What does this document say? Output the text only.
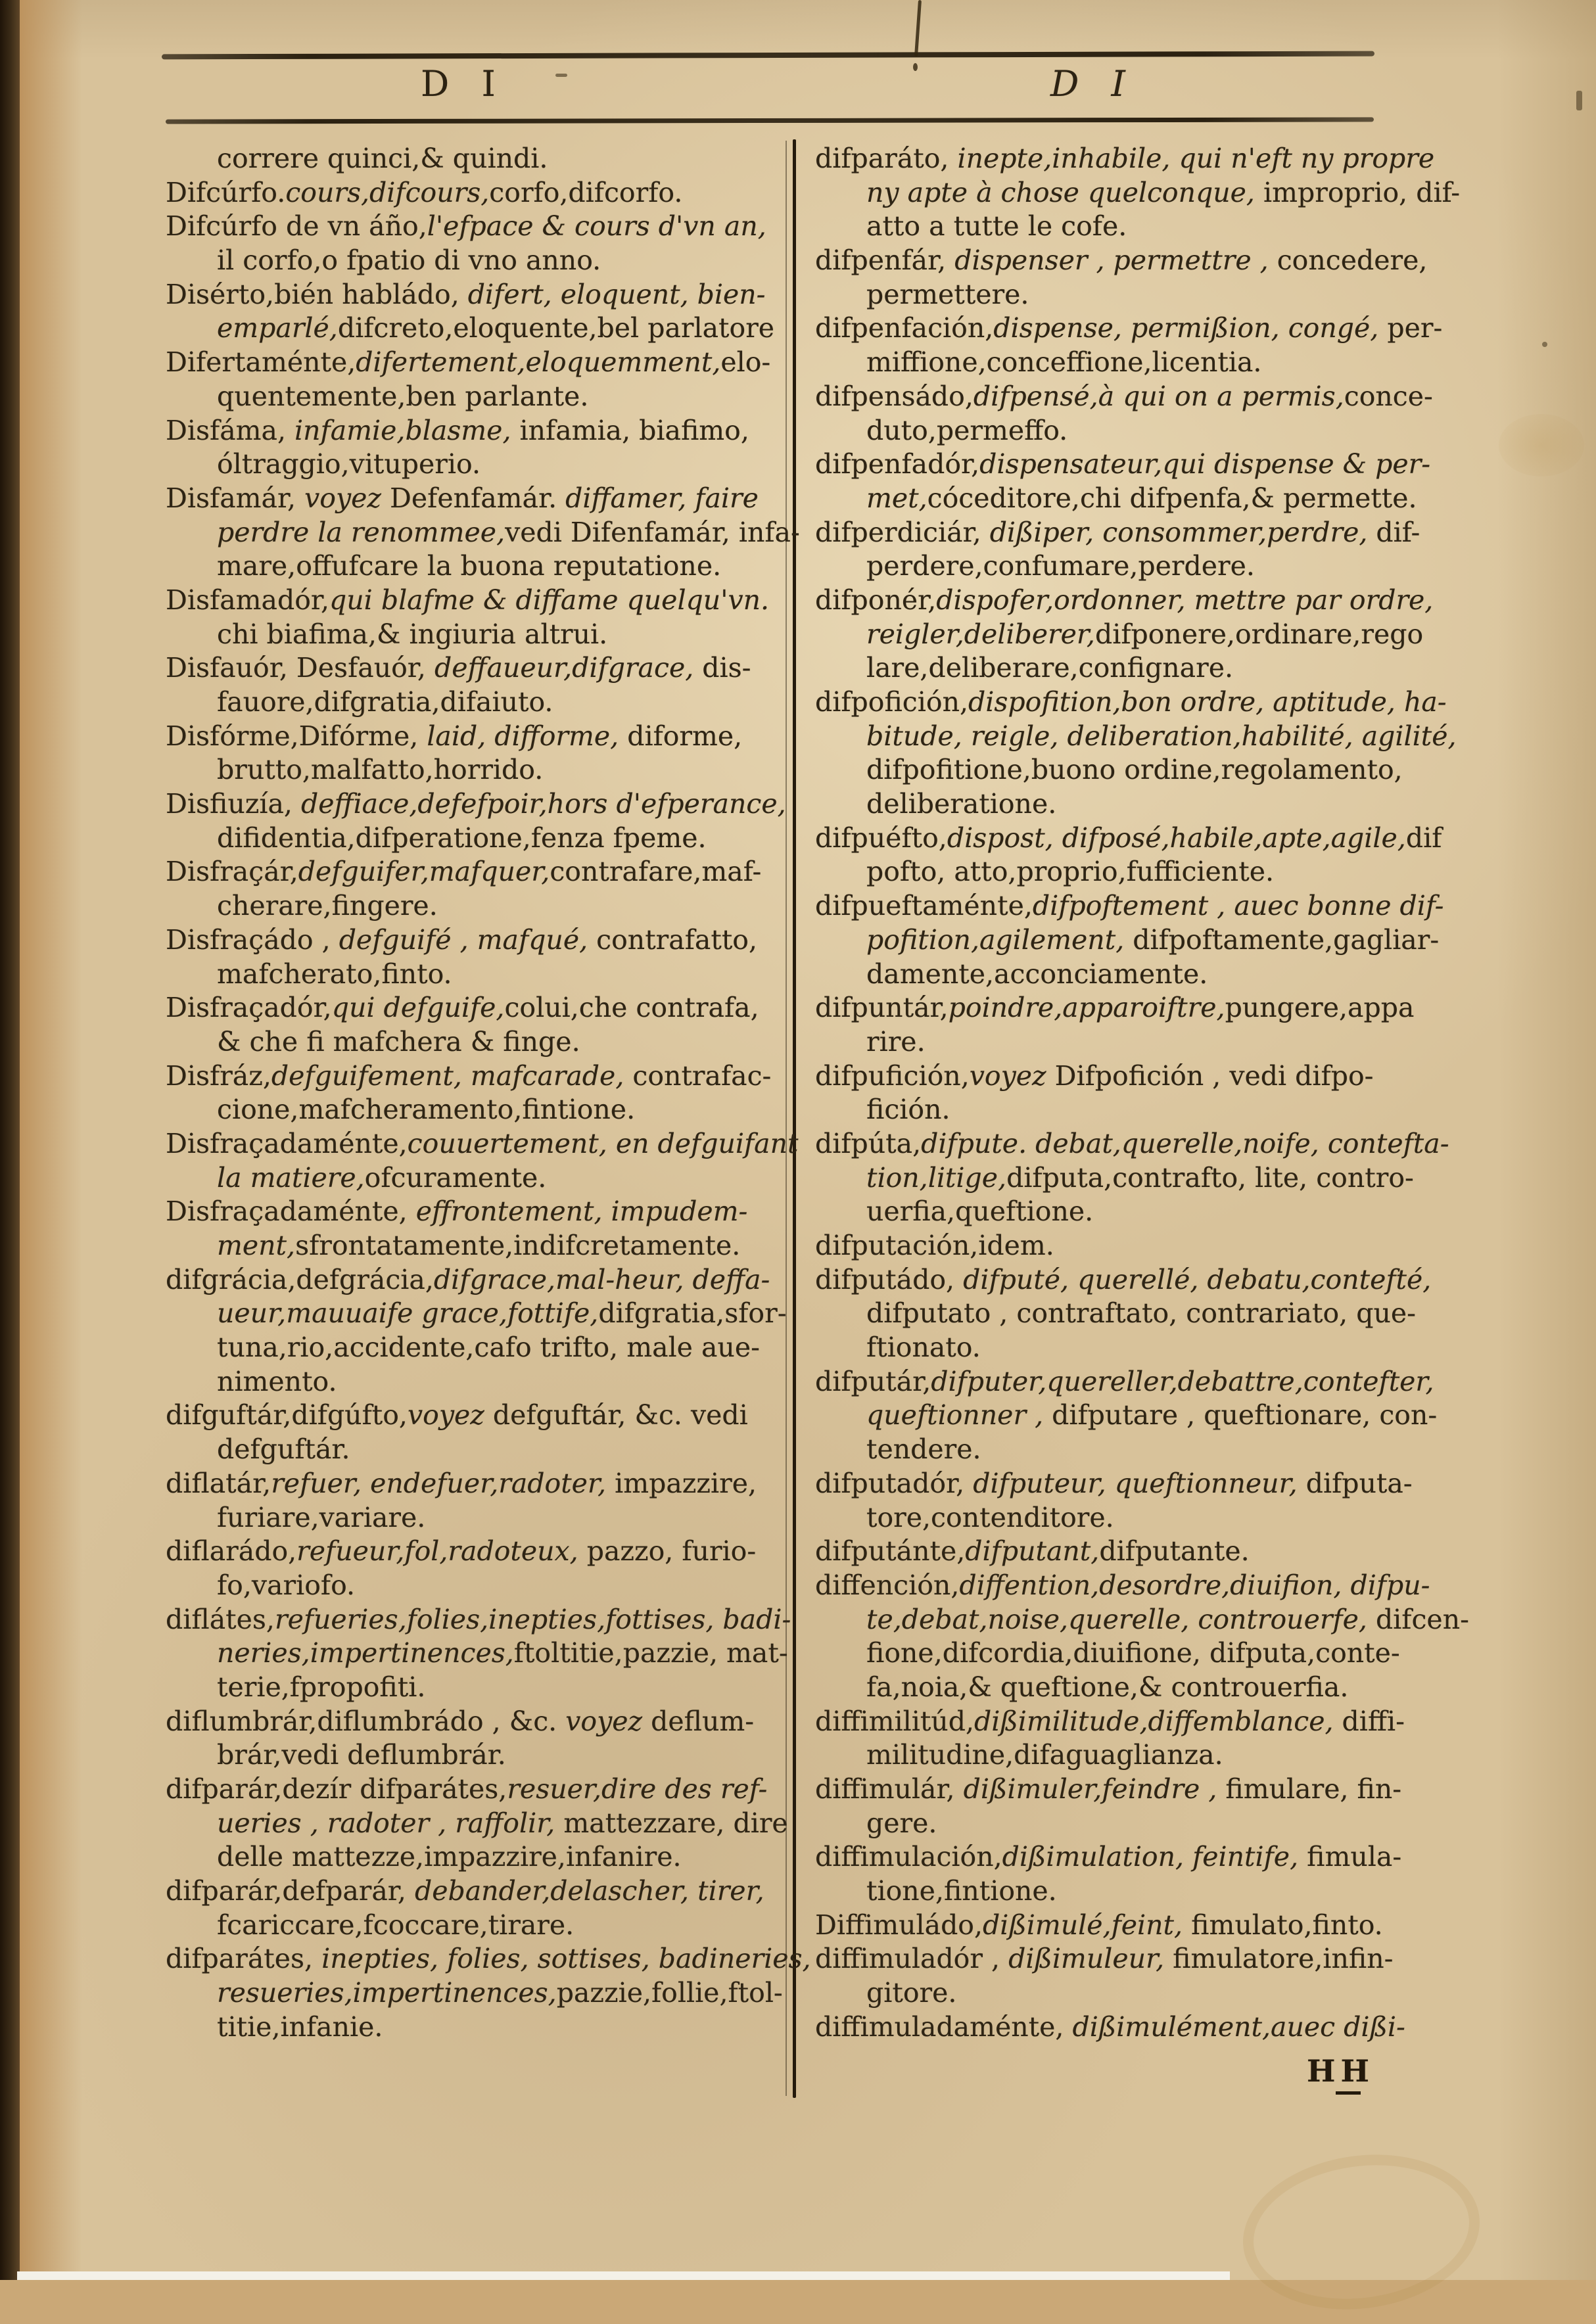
D I	D I
correre quinci,& quindi.
Difcúrfo.cours,difcours,corfo,difcorfo.
Difcúrfo de vn áño,l'efpace & cours d'vn an,
il corfo,o fpatio di vno anno.
Disérto,bién habládo, difert, eloquent, bien-
emparlé,difcreto,eloquente,bel parlatore
Difertaménte,difertement,eloquemment,elo-
quentemente,ben parlante.
Disfáma, infamie,blasme, infamia, biafimo,
óltraggio,vituperio.
Disfamár, voyez Defenfamár. diffamer, faire
perdre la renommee,vedi Difenfamár, infa-
mare,offufcare la buona reputatione.
Disfamadór,qui blafme & diffame quelqu'vn.
chi biafima,& ingiuria altrui.
Disfauór, Desfauór, deffaueur,difgrace, dis-
fauore,difgratia,difaiuto.
Disfórme,Difórme, laid, difforme, diforme,
brutto,malfatto,horrido.
Disfiuzía, deffiace,defefpoir,hors d'efperance,
difidentia,difperatione,fenza fpeme.
Disfraçár,defguifer,mafquer,contrafare,maf-
cherare,fingere.
Disfraçádo , defguifé , mafqué, contrafatto,
mafcherato,finto.
Disfraçadór,qui defguife,colui,che contrafa,
& che fi mafchera & finge.
Disfráz,defguifement, mafcarade, contrafac-
cione,mafcheramento,fintione.
Disfraçadaménte,couuertement, en defguifant
la matiere,ofcuramente.
Disfraçadaménte, effrontement, impudem-
ment,sfrontatamente,indifcretamente.
difgrácia,defgrácia,difgrace,mal-heur, deffa-
ueur,mauuaife grace,fottife,difgratia,sfor-
tuna,rio,accidente,cafo trifto, male aue-
nimento.
difguftár,difgúfto,voyez defguftár, &c. vedi
defguftár.
diflatár,refuer, endefuer,radoter, impazzire,
furiare,variare.
diflarádo,refueur,fol,radoteux, pazzo, furio-
fo,variofo.
diflátes,refueries,folies,inepties,fottises, badi-
neries,impertinences,ftoltitie,pazzie, mat-
terie,fpropofiti.
diflumbrár,diflumbrádo , &c. voyez deflum-
brár,vedi deflumbrár.
difparár,dezír difparátes,resuer,dire des ref-
ueries , radoter , raffolir, mattezzare, dire
delle mattezze,impazzire,infanire.
difparár,defparár, debander,delascher, tirer,
fcariccare,fcoccare,tirare.
difparátes, inepties, folies, sottises, badineries,
resueries,impertinences,pazzie,follie,ftol-
titie,infanie.
difparáto, inepte,inhabile, qui n'eft ny propre
ny apte à chose quelconque, improprio, dif-
atto a tutte le cofe.
difpenfár, dispenser , permettre , concedere,
permettere.
difpenfación,dispense, permißion, congé, per-
miffione,conceffione,licentia.
difpensádo,difpensé,à qui on a permis,conce-
duto,permeffo.
difpenfadór,dispensateur,qui dispense & per-
met,cóceditore,chi difpenfa,& permette.
difperdiciár, dißiper, consommer,perdre, dif-
perdere,confumare,perdere.
difponér,dispofer,ordonner, mettre par ordre,
reigler,deliberer,difponere,ordinare,rego
lare,deliberare,confignare.
difpofición,dispofition,bon ordre, aptitude, ha-
bitude, reigle, deliberation,habilité, agilité,
difpofitione,buono ordine,regolamento,
deliberatione.
difpuéfto,dispost, difposé,habile,apte,agile,dif
pofto, atto,proprio,fufficiente.
difpueftaménte,difpoftement , auec bonne dif-
pofition,agilement, difpoftamente,gagliar-
damente,acconciamente.
difpuntár,poindre,apparoiftre,pungere,appa
rire.
difpufición,voyez Difpofición , vedi difpo-
fición.
difpúta,difpute. debat,querelle,noife, contefta-
tion,litige,difputa,contrafto, lite, contro-
uerfia,queftione.
difputación,idem.
difputádo, difputé, querellé, debatu,contefté,
difputato , contraftato, contrariato, que-
ftionato.
difputár,difputer,quereller,debattre,contefter,
queftionner , difputare , queftionare, con-
tendere.
difputadór, difputeur, queftionneur, difputa-
tore,contenditore.
difputánte,difputant,difputante.
diffención,diffention,desordre,diuifion, difpu-
te,debat,noise,querelle, controuerfe, difcen-
fione,difcordia,diuifione, difputa,conte-
fa,noia,& queftione,& controuerfia.
diffimilitúd,dißimilitude,diffemblance, diffi-
militudine,difaguaglianza.
diffimulár, dißimuler,feindre , fimulare, fin-
gere.
diffimulación,dißimulation, feintife, fimula-
tione,fintione.
Diffimuládo,dißimulé,feint, fimulato,finto.
diffimuladór , dißimuleur, fimulatore,infin-
gitore.
diffimuladaménte, dißimulément,auec dißi-
HH
